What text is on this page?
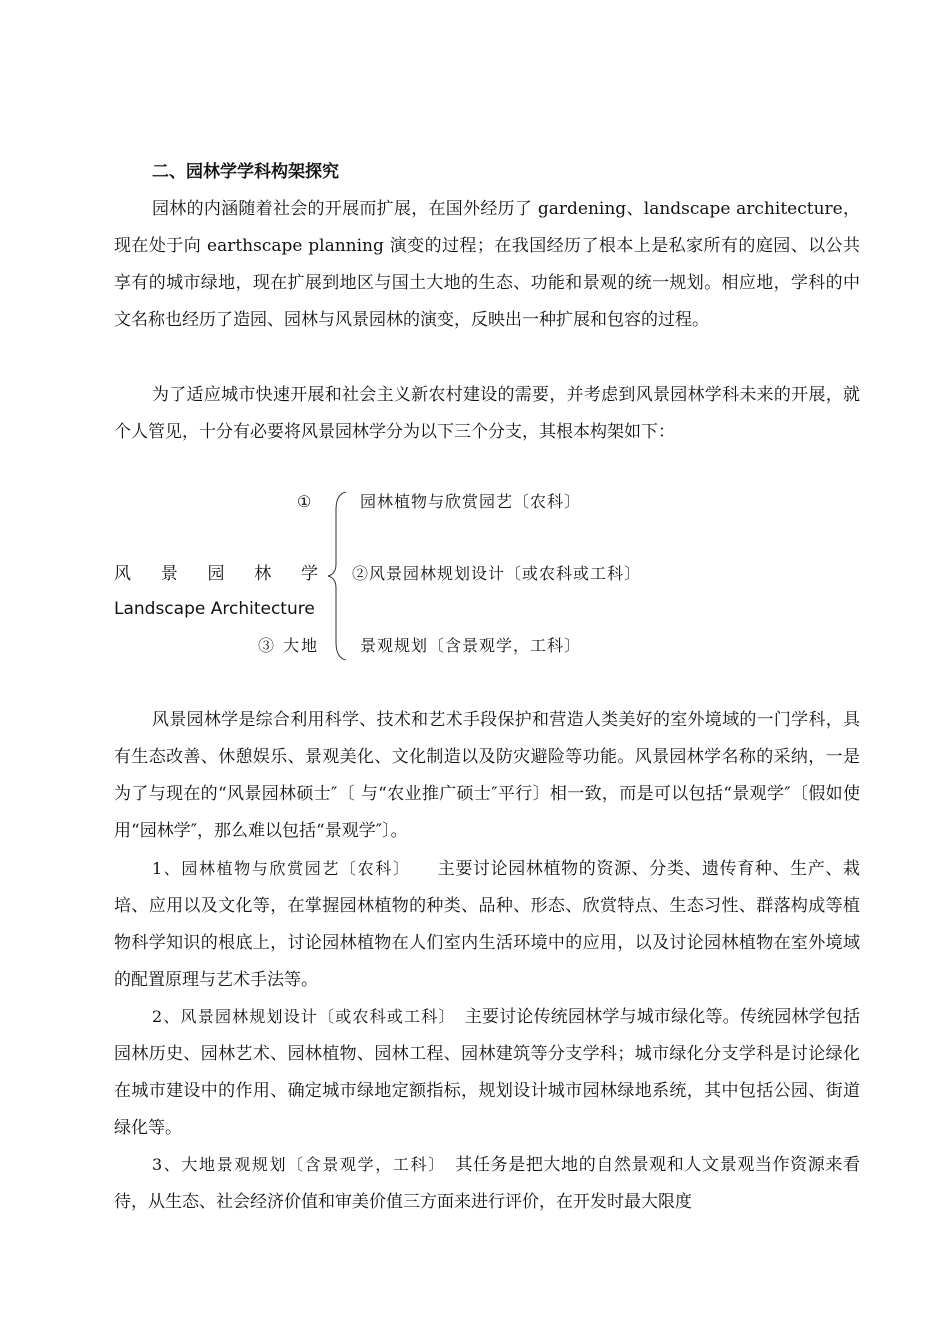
二、园林学学科构架探究

园林的内涵随着社会的开展而扩展，在国外经历了 gardening、landscape architecture，现在处于向 earthscape planning 演变的过程；在我国经历了根本上是私家所有的庭园、以公共享有的城市绿地，现在扩展到地区与国土大地的生态、功能和景观的统一规划。相应地，学科的中文名称也经历了造园、园林与风景园林的演变，反映出一种扩展和包容的过程。

为了适应城市快速开展和社会主义新农村建设的需要，并考虑到风景园林学科未来的开展，就个人管见，十分有必要将风景园林学分为以下三个分支，其根本构架如下：

①	园林植物与欣赏园艺〔农科〕
风 景 园 林 学 ②风景园林规划设计〔或农科或工科〕
Landscape Architecture
③ 大地	景观规划〔含景观学，工科〕

风景园林学是综合利用科学、技术和艺术手段保护和营造人类美好的室外境域的一门学科，具有生态改善、休憩娱乐、景观美化、文化制造以及防灾避险等功能。风景园林学名称的采纳，一是为了与现在的“风景园林硕士″〔 与“农业推广硕士″平行〕相一致，而是可以包括“景观学″〔假如使用“园林学″，那么难以包括“景观学″〕。

1、园林植物与欣赏园艺〔农科〕　　 主要讨论园林植物的资源、分类、遗传育种、生产、栽培、应用以及文化等，在掌握园林植物的种类、品种、形态、欣赏特点、生态习性、群落构成等植物科学知识的根底上，讨论园林植物在人们室内生活环境中的应用，以及讨论园林植物在室外境域的配置原理与艺术手法等。

2、风景园林规划设计〔或农科或工科〕　 主要讨论传统园林学与城市绿化等。传统园林学包括园林历史、园林艺术、园林植物、园林工程、园林建筑等分支学科；城市绿化分支学科是讨论绿化在城市建设中的作用、确定城市绿地定额指标，规划设计城市园林绿地系统，其中包括公园、街道绿化等。

3、大地景观规划〔含景观学，工科〕　 其任务是把大地的自然景观和人文景观当作资源来看待，从生态、社会经济价值和审美价值三方面来进行评价，在开发时最大限度
